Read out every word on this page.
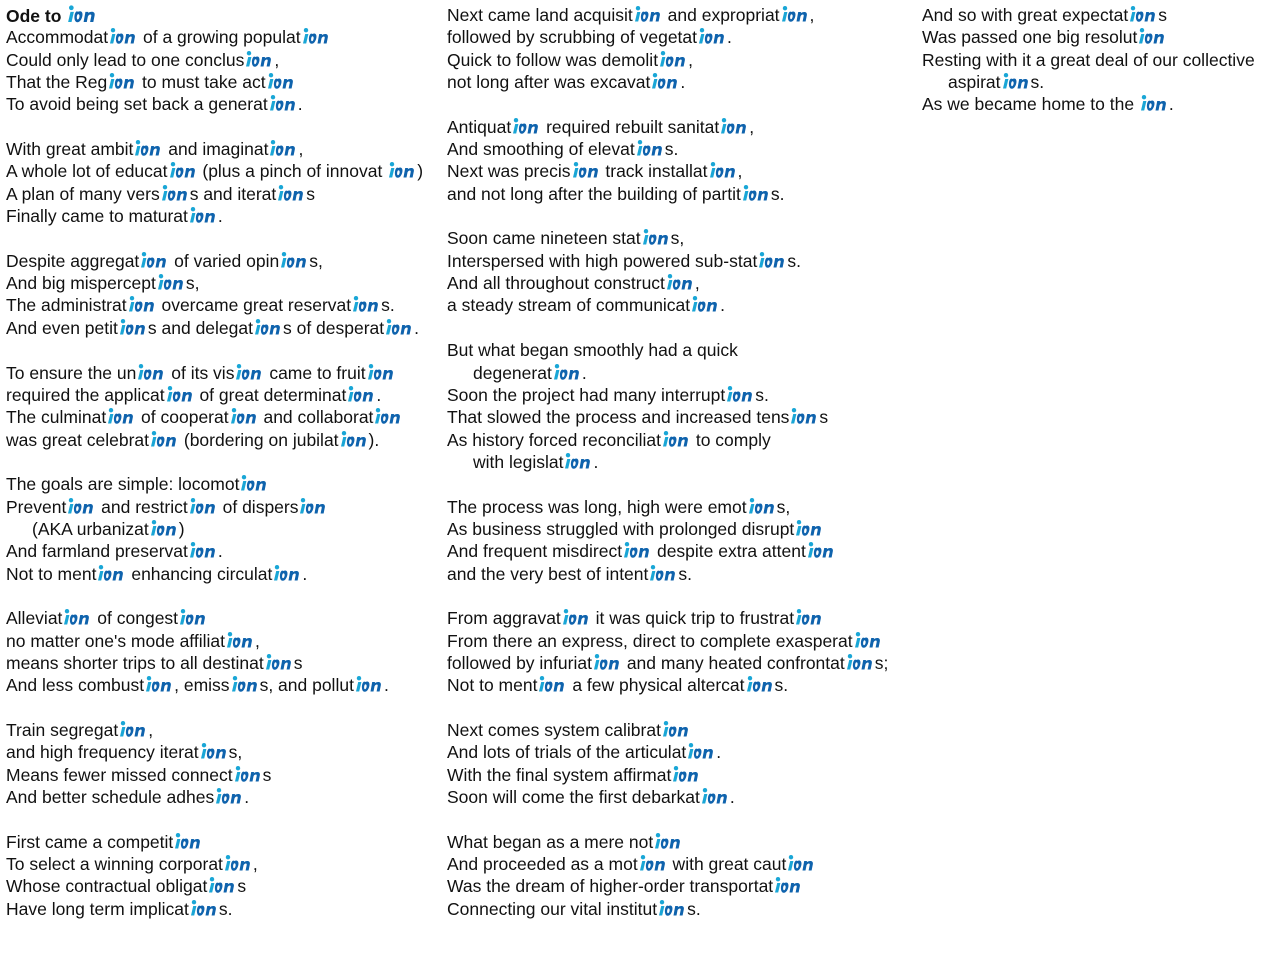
Ode to
Accommodat of a growing populat
Could only lead to one conclus ,
That the Reg to must take act
To avoid being set back a generat .
With great ambit and imaginat ,
A whole lot of educat (plus a pinch of innovat )
A plan of many vers s and iterat s
Finally came to maturat .
Despite aggregat of varied opin s,
And big mispercept s,
The administrat overcame great reservat s.
And even petit s and delegat s of desperat .
To ensure the un of its vis came to fruit
required the applicat of great determinat .
The culminat of cooperat and collaborat
was great celebrat (bordering on jubilat ).
The goals are simple: locomot
Prevent and restrict of dispers
(AKA urbanizat )
And farmland preservat .
Not to ment enhancing circulat .
Alleviat of congest
no matter one's mode affiliat ,
means shorter trips to all destinat s
And less combust , emiss s, and pollut .
Train segregat ,
and high frequency iterat s,
Means fewer missed connect s
And better schedule adhes .
First came a competit
To select a winning corporat ,
Whose contractual obligat s
Have long term implicat s.
Next came land acquisit and expropriat ,
followed by scrubbing of vegetat .
Quick to follow was demolit ,
not long after was excavat .
Antiquat required rebuilt sanitat ,
And smoothing of elevat s.
Next was precis track installat ,
and not long after the building of partit s.
Soon came nineteen stat s,
Interspersed with high powered sub-stat s.
And all throughout construct ,
a steady stream of communicat .
But what began smoothly had a quick
degenerat .
Soon the project had many interrupt s.
That slowed the process and increased tens s
As history forced reconciliat to comply
with legislat .
The process was long, high were emot s,
As business struggled with prolonged disrupt
And frequent misdirect despite extra attent
and the very best of intent s.
From aggravat it was quick trip to frustrat
From there an express, direct to complete exasperat
followed by infuriat and many heated confrontat s;
Not to ment a few physical altercat s.
Next comes system calibrat
And lots of trials of the articulat .
With the final system affirmat
Soon will come the first debarkat .
What began as a mere not
And proceeded as a mot with great caut
Was the dream of higher-order transportat
Connecting our vital institut s.
And so with great expectat s
Was passed one big resolut
Resting with it a great deal of our collective
aspirat s.
As we became home to the .
